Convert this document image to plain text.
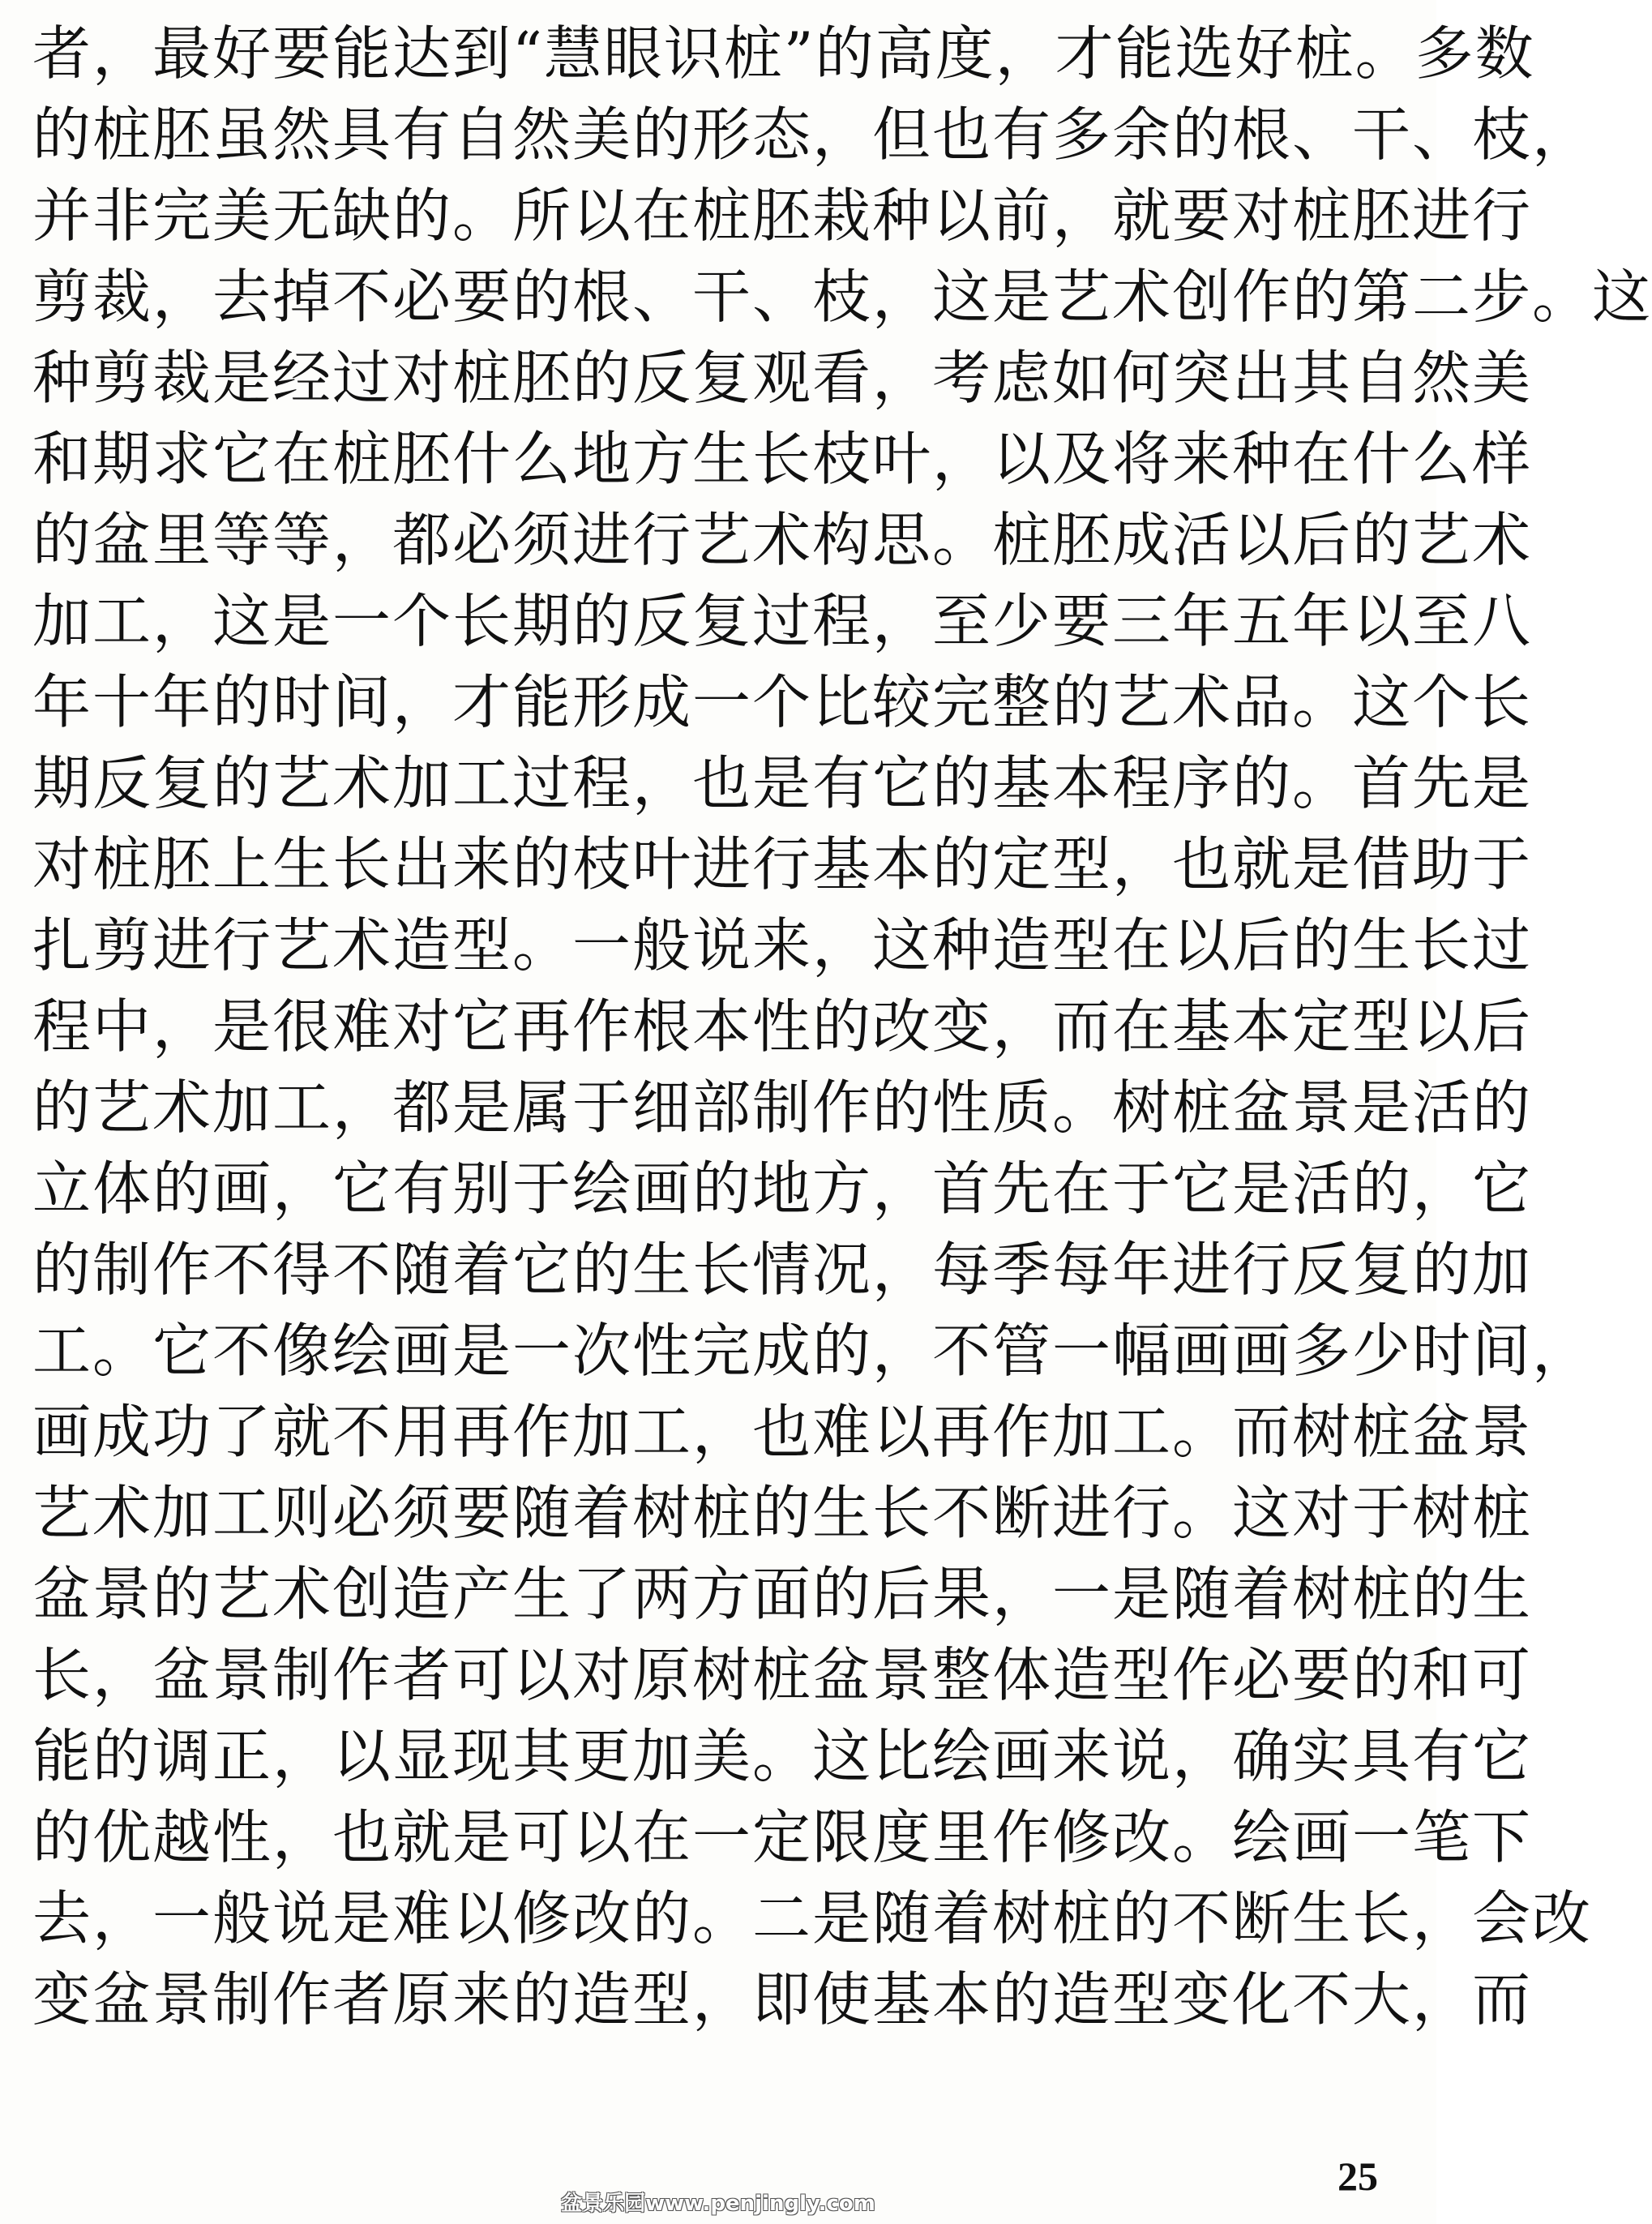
者，最好要能达到“慧眼识桩”的高度，才能选好桩。多数
的桩胚虽然具有自然美的形态，但也有多余的根、干、枝，
并非完美无缺的。所以在桩胚栽种以前，就要对桩胚进行
剪裁，去掉不必要的根、干、枝，这是艺术创作的第二步。这
种剪裁是经过对桩胚的反复观看，考虑如何突出其自然美
和期求它在桩胚什么地方生长枝叶，以及将来种在什么样
的盆里等等，都必须进行艺术构思。桩胚成活以后的艺术
加工，这是一个长期的反复过程，至少要三年五年以至八
年十年的时间，才能形成一个比较完整的艺术品。这个长
期反复的艺术加工过程，也是有它的基本程序的。首先是
对桩胚上生长出来的枝叶进行基本的定型，也就是借助于
扎剪进行艺术造型。一般说来，这种造型在以后的生长过
程中，是很难对它再作根本性的改变，而在基本定型以后
的艺术加工，都是属于细部制作的性质。树桩盆景是活的
立体的画，它有别于绘画的地方，首先在于它是活的，它
的制作不得不随着它的生长情况，每季每年进行反复的加
工。它不像绘画是一次性完成的，不管一幅画画多少时间，
画成功了就不用再作加工，也难以再作加工。而树桩盆景
艺术加工则必须要随着树桩的生长不断进行。这对于树桩
盆景的艺术创造产生了两方面的后果，一是随着树桩的生
长，盆景制作者可以对原树桩盆景整体造型作必要的和可
能的调正，以显现其更加美。这比绘画来说，确实具有它
的优越性，也就是可以在一定限度里作修改。绘画一笔下
去，一般说是难以修改的。二是随着树桩的不断生长，会改
变盆景制作者原来的造型，即使基本的造型变化不大，而
25
盆景乐园www.penjingly.com
